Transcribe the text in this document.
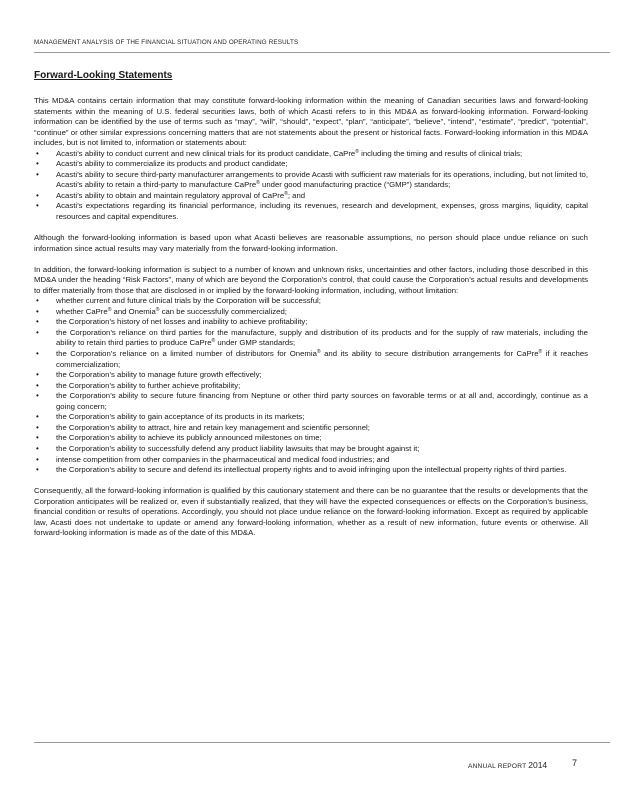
MANAGEMENT ANALYSIS OF THE FINANCIAL SITUATION AND OPERATING RESULTS
Forward-Looking Statements

This MD&A contains certain information that may constitute forward-looking information within the meaning of Canadian securities laws and forward-looking statements within the meaning of U.S. federal securities laws, both of which Acasti refers to in this MD&A as forward-looking information. Forward-looking information can be identified by the use of terms such as “may”, “will”, “should”, “expect”, “plan”, “anticipate”, “believe”, “intend”, “estimate”, “predict”, “potential”, “continue” or other similar expressions concerning matters that are not statements about the present or historical facts. Forward-looking information in this MD&A includes, but is not limited to, information or statements about:

• Acasti’s ability to conduct current and new clinical trials for its product candidate, CaPre® including the timing and results of clinical trials;
• Acasti’s ability to commercialize its products and product candidate;
• Acasti’s ability to secure third-party manufacturer arrangements to provide Acasti with sufficient raw materials for its operations, including, but not limited to, Acasti’s ability to retain a third-party to manufacture CaPre® under good manufacturing practice (“GMP”) standards;
• Acasti’s ability to obtain and maintain regulatory approval of CaPre®; and
• Acasti’s expectations regarding its financial performance, including its revenues, research and development, expenses, gross margins, liquidity, capital resources and capital expenditures.

Although the forward-looking information is based upon what Acasti believes are reasonable assumptions, no person should place undue reliance on such information since actual results may vary materially from the forward-looking information.

In addition, the forward-looking information is subject to a number of known and unknown risks, uncertainties and other factors, including those described in this MD&A under the heading “Risk Factors”, many of which are beyond the Corporation’s control, that could cause the Corporation’s actual results and developments to differ materially from those that are disclosed in or implied by the forward-looking information, including, without limitation:

• whether current and future clinical trials by the Corporation will be successful;
• whether CaPre® and Onemia® can be successfully commercialized;
• the Corporation’s history of net losses and inability to achieve profitability;
• the Corporation’s reliance on third parties for the manufacture, supply and distribution of its products and for the supply of raw materials, including the ability to retain third parties to produce CaPre® under GMP standards;
• the Corporation’s reliance on a limited number of distributors for Onemia® and its ability to secure distribution arrangements for CaPre® if it reaches commercialization;
• the Corporation’s ability to manage future growth effectively;
• the Corporation’s ability to further achieve profitability;
• the Corporation’s ability to secure future financing from Neptune or other third party sources on favorable terms or at all and, accordingly, continue as a going concern;
• the Corporation’s ability to gain acceptance of its products in its markets;
• the Corporation’s ability to attract, hire and retain key management and scientific personnel;
• the Corporation’s ability to achieve its publicly announced milestones on time;
• the Corporation’s ability to successfully defend any product liability lawsuits that may be brought against it;
• intense competition from other companies in the pharmaceutical and medical food industries; and
• the Corporation’s ability to secure and defend its intellectual property rights and to avoid infringing upon the intellectual property rights of third parties.

Consequently, all the forward-looking information is qualified by this cautionary statement and there can be no guarantee that the results or developments that the Corporation anticipates will be realized or, even if substantially realized, that they will have the expected consequences or effects on the Corporation’s business, financial condition or results of operations. Accordingly, you should not place undue reliance on the forward-looking information. Except as required by applicable law, Acasti does not undertake to update or amend any forward-looking information, whether as a result of new information, future events or otherwise. All forward-looking information is made as of the date of this MD&A.

ANNUAL REPORT 2014	7
